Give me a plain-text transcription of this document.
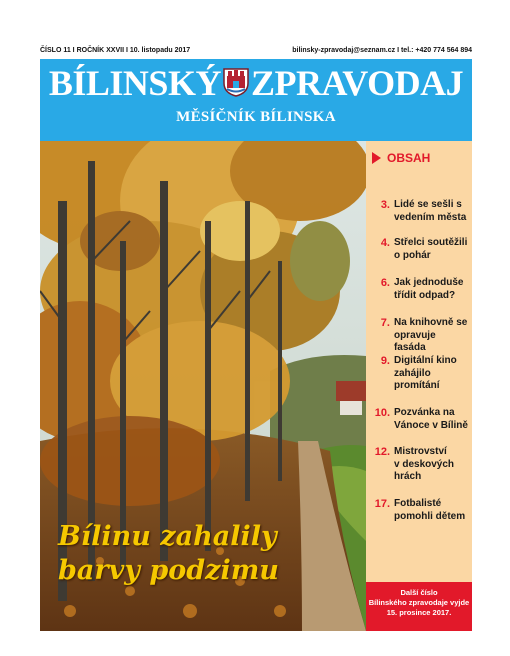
ČÍSLO 11 I ROČNÍK XXVII I 10. listopadu 2017	bilinsky-zpravodaj@seznam.cz I tel.: +420 774 564 894
BÍLINSKÝ ZPRAVODAJ
MĚSÍČNÍK BÍLINSKA
Bílinu zahalily
barvy podzimu
OBSAH
3. Lidé se sešli s
vedením města
4. Střelci soutěžili
o pohár
6. Jak jednoduše
třídit odpad?
7. Na knihovně se
opravuje fasáda
9. Digitální kino
zahájilo
promítání
10. Pozvánka na
Vánoce v Bílině
12. Mistrovství
v deskových
hrách
17. Fotbalisté
pomohli dětem
Další číslo
Bílinského zpravodaje vyjde
15. prosince 2017.
